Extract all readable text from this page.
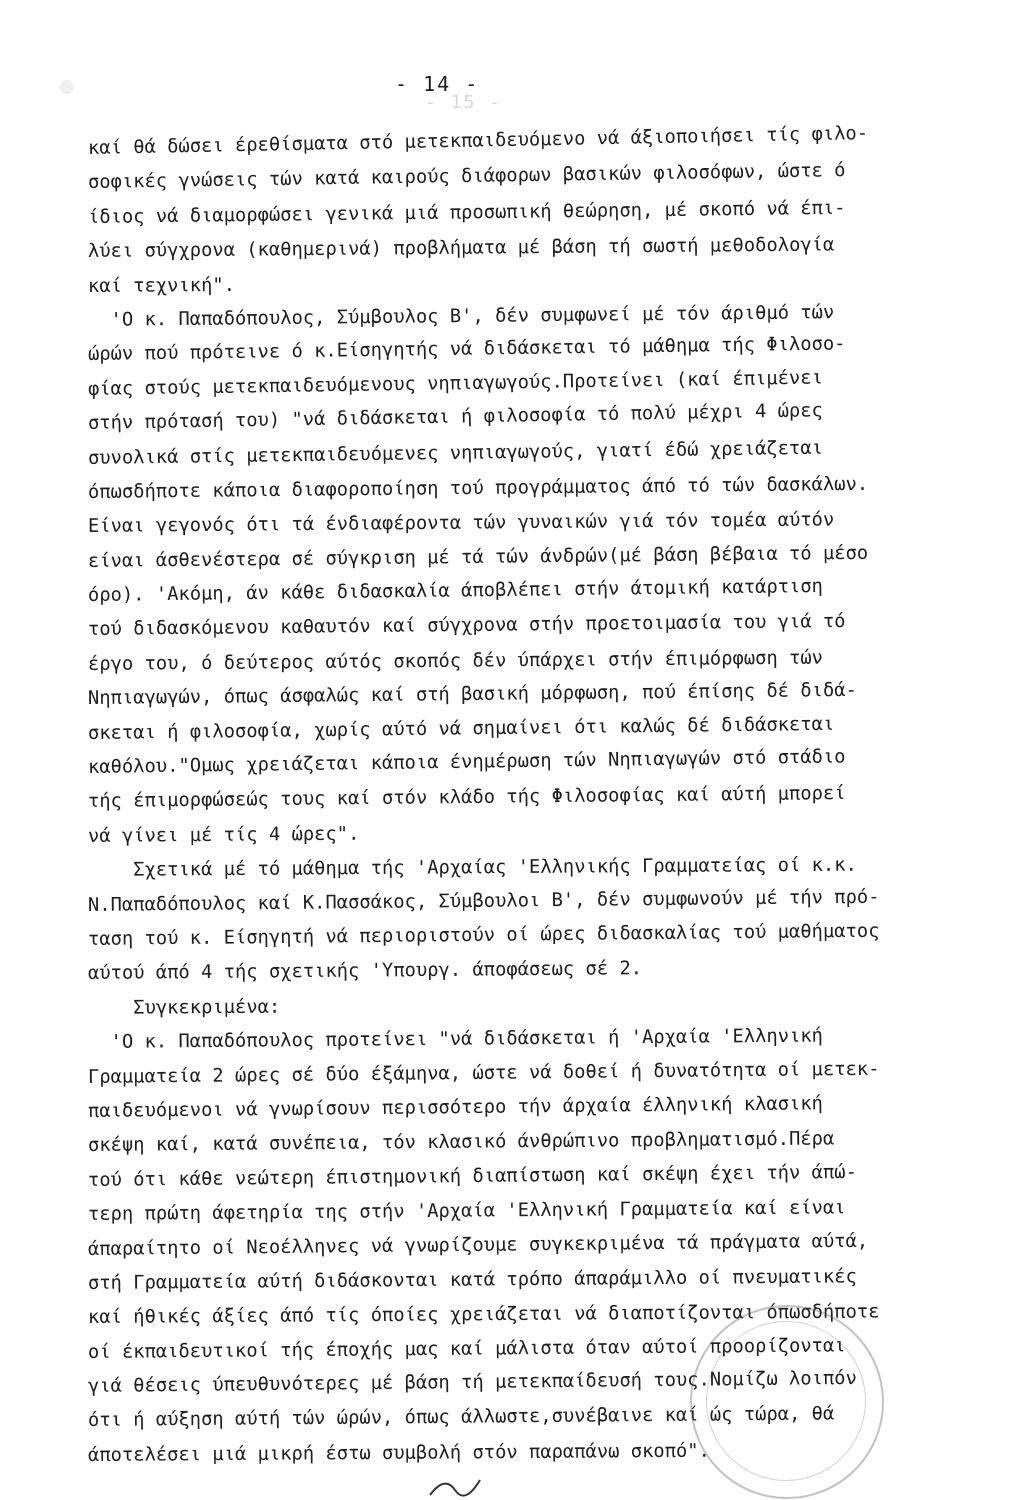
- 15 -
- 14 -
καί θά δώσει έρεθίσματα στό μετεκπαιδευόμενο νά άξιοποιήσει τίς φιλο-
σοφικές γνώσεις τών κατά καιρούς διάφορων βασικών φιλοσόφων, ώστε ό
ίδιος νά διαμορφώσει γενικά μιά προσωπική θεώρηση, μέ σκοπό νά έπι-
λύει σύγχρονα (καθημερινά) προβλήματα μέ βάση τή σωστή μεθοδολογία
καί τεχνική".
'Ο κ. Παπαδόπουλος, Σύμβουλος Β', δέν συμφωνεί μέ τόν άριθμό τών
ώρών πού πρότεινε ό κ.Είσηγητής νά διδάσκεται τό μάθημα τής Φιλοσο-
φίας στούς μετεκπαιδευόμενους νηπιαγωγούς.Προτείνει (καί έπιμένει
στήν πρότασή του) "νά διδάσκεται ή φιλοσοφία τό πολύ μέχρι 4 ώρες
συνολικά στίς μετεκπαιδευόμενες νηπιαγωγούς, γιατί έδώ χρειάζεται
όπωσδήποτε κάποια διαφοροποίηση τού προγράμματος άπό τό τών δασκάλων.
Είναι γεγονός ότι τά ένδιαφέροντα τών γυναικών γιά τόν τομέα αύτόν
είναι άσθενέστερα σέ σύγκριση μέ τά τών άνδρών(μέ βάση βέβαια τό μέσο
όρο). 'Ακόμη, άν κάθε διδασκαλία άποβλέπει στήν άτομική κατάρτιση
τού διδασκόμενου καθαυτόν καί σύγχρονα στήν προετοιμασία του γιά τό
έργο του, ό δεύτερος αύτός σκοπός δέν ύπάρχει στήν έπιμόρφωση τών
Νηπιαγωγών, όπως άσφαλώς καί στή βασική μόρφωση, πού έπίσης δέ διδά-
σκεται ή φιλοσοφία, χωρίς αύτό νά σημαίνει ότι καλώς δέ διδάσκεται
καθόλου."Ομως χρειάζεται κάποια ένημέρωση τών Νηπιαγωγών στό στάδιο
τής έπιμορφώσεώς τους καί στόν κλάδο τής Φιλοσοφίας καί αύτή μπορεί
νά γίνει μέ τίς 4 ώρες".
Σχετικά μέ τό μάθημα τής 'Αρχαίας 'Ελληνικής Γραμματείας οί κ.κ.
Ν.Παπαδόπουλος καί Κ.Πασσάκος, Σύμβουλοι Β', δέν συμφωνούν μέ τήν πρό-
ταση τού κ. Είσηγητή νά περιοριστούν οί ώρες διδασκαλίας τού μαθήματος
αύτού άπό 4 τής σχετικής 'Υπουργ. άποφάσεως σέ 2.
Συγκεκριμένα:
'Ο κ. Παπαδόπουλος προτείνει "νά διδάσκεται ή 'Αρχαία 'Ελληνική
Γραμματεία 2 ώρες σέ δύο έξάμηνα, ώστε νά δοθεί ή δυνατότητα οί μετεκ-
παιδευόμενοι νά γνωρίσουν περισσότερο τήν άρχαία έλληνική κλασική
σκέψη καί, κατά συνέπεια, τόν κλασικό άνθρώπινο προβληματισμό.Πέρα
τού ότι κάθε νεώτερη έπιστημονική διαπίστωση καί σκέψη έχει τήν άπώ-
τερη πρώτη άφετηρία της στήν 'Αρχαία 'Ελληνική Γραμματεία καί είναι
άπαραίτητο οί Νεοέλληνες νά γνωρίζουμε συγκεκριμένα τά πράγματα αύτά,
στή Γραμματεία αύτή διδάσκονται κατά τρόπο άπαράμιλλο οί πνευματικές
καί ήθικές άξίες άπό τίς όποίες χρειάζεται νά διαποτίζονται όπωσδήποτε
οί έκπαιδευτικοί τής έποχής μας καί μάλιστα όταν αύτοί προορίζονται
γιά θέσεις ύπευθυνότερες μέ βάση τή μετεκπαίδευσή τους.Νομίζω λοιπόν
ότι ή αύξηση αύτή τών ώρών, όπως άλλωστε,συνέβαινε καί ώς τώρα, θά
άποτελέσει μιά μικρή έστω συμβολή στόν παραπάνω σκοπό".
